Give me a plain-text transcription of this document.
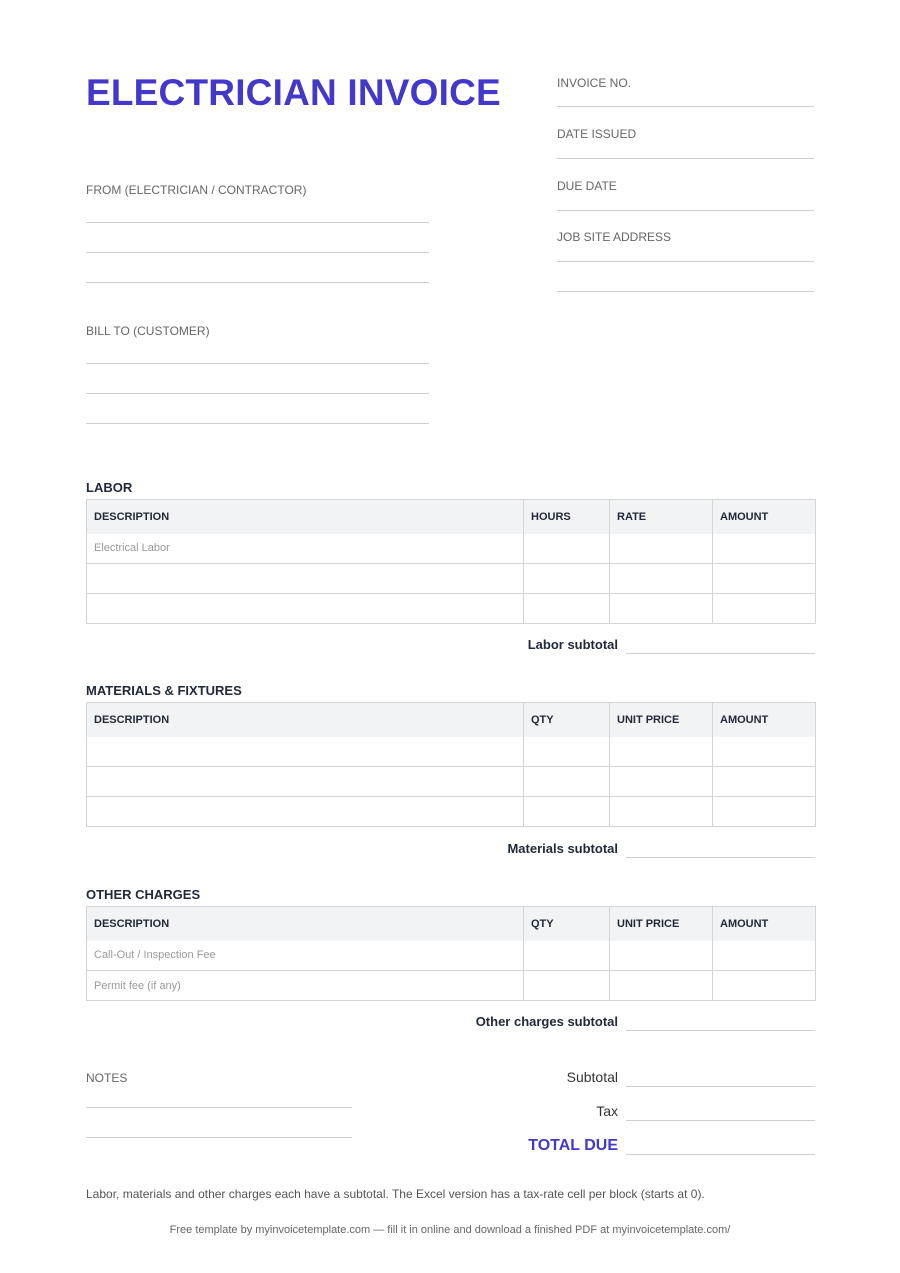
ELECTRICIAN INVOICE	INVOICE NO.
DATE ISSUED
DUE DATE
JOB SITE ADDRESS
FROM (ELECTRICIAN / CONTRACTOR)
BILL TO (CUSTOMER)
LABOR
DESCRIPTION	HOURS	RATE	AMOUNT
Electrical Labor			

Labor subtotal
MATERIALS & FIXTURES
DESCRIPTION	QTY	UNIT PRICE	AMOUNT

Materials subtotal
OTHER CHARGES
DESCRIPTION	QTY	UNIT PRICE	AMOUNT
Call-Out / Inspection Fee			
Permit fee (if any)			
Other charges subtotal
NOTES	Subtotal
Tax
TOTAL DUE
Labor, materials and other charges each have a subtotal. The Excel version has a tax-rate cell per block (starts at 0).
Free template by myinvoicetemplate.com — fill it in online and download a finished PDF at myinvoicetemplate.com/
